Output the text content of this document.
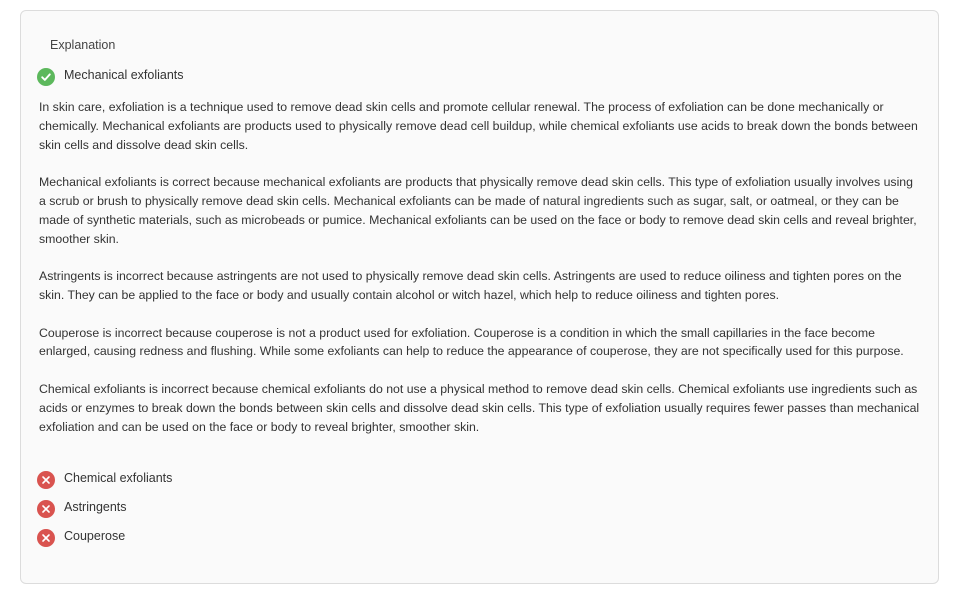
Explanation
Mechanical exfoliants

In skin care, exfoliation is a technique used to remove dead skin cells and promote cellular renewal. The process of exfoliation can be done mechanically or chemically. Mechanical exfoliants are products used to physically remove dead cell buildup, while chemical exfoliants use acids to break down the bonds between skin cells and dissolve dead skin cells.

Mechanical exfoliants is correct because mechanical exfoliants are products that physically remove dead skin cells. This type of exfoliation usually involves using a scrub or brush to physically remove dead skin cells. Mechanical exfoliants can be made of natural ingredients such as sugar, salt, or oatmeal, or they can be made of synthetic materials, such as microbeads or pumice. Mechanical exfoliants can be used on the face or body to remove dead skin cells and reveal brighter, smoother skin.

Astringents is incorrect because astringents are not used to physically remove dead skin cells. Astringents are used to reduce oiliness and tighten pores on the skin. They can be applied to the face or body and usually contain alcohol or witch hazel, which help to reduce oiliness and tighten pores.

Couperose is incorrect because couperose is not a product used for exfoliation. Couperose is a condition in which the small capillaries in the face become enlarged, causing redness and flushing. While some exfoliants can help to reduce the appearance of couperose, they are not specifically used for this purpose.

Chemical exfoliants is incorrect because chemical exfoliants do not use a physical method to remove dead skin cells. Chemical exfoliants use ingredients such as acids or enzymes to break down the bonds between skin cells and dissolve dead skin cells. This type of exfoliation usually requires fewer passes than mechanical exfoliation and can be used on the face or body to reveal brighter, smoother skin.

Chemical exfoliants
Astringents
Couperose
